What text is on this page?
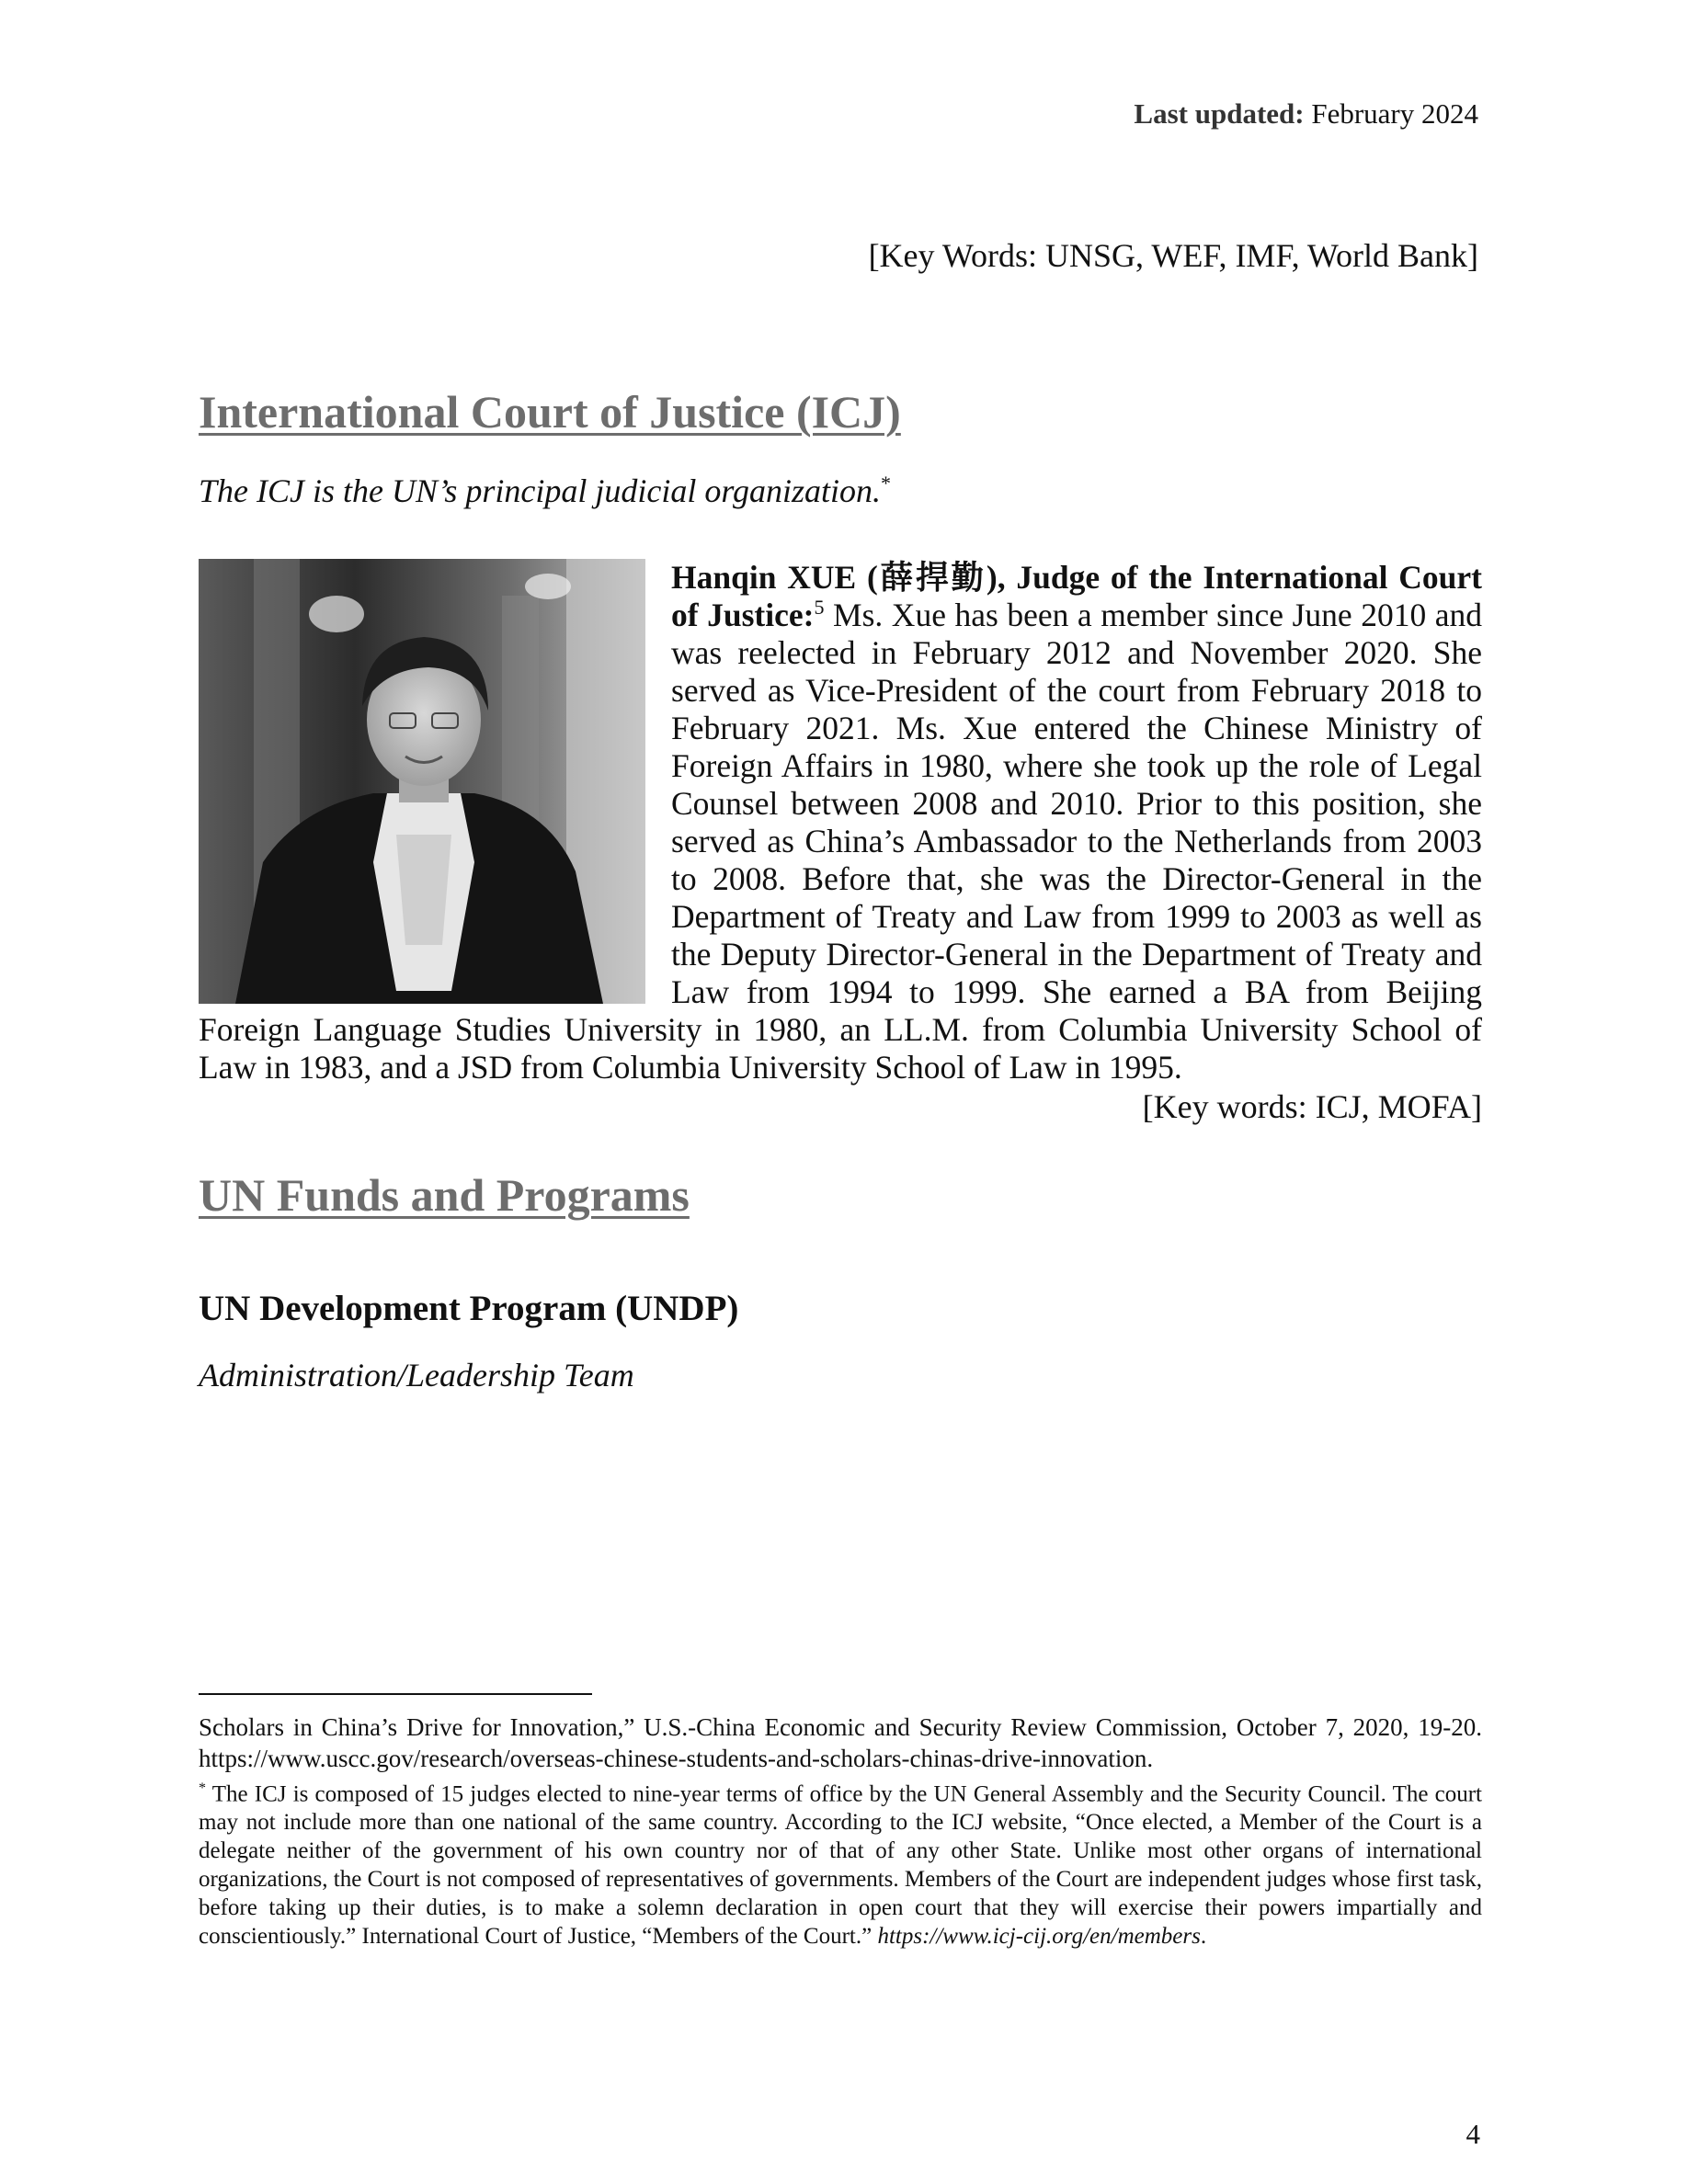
Last updated: February 2024
[Key Words: UNSG, WEF, IMF, World Bank]
International Court of Justice (ICJ)
The ICJ is the UN’s principal judicial organization.*
Hanqin XUE (薛捍勤), Judge of the International Court of Justice:$^5$ Ms. Xue has been a member since June 2010 and was reelected in February 2012 and November 2020. She served as Vice-President of the court from February 2018 to February 2021. Ms. Xue entered the Chinese Ministry of Foreign Affairs in 1980, where she took up the role of Legal Counsel between 2008 and 2010. Prior to this position, she served as China’s Ambassador to the Netherlands from 2003 to 2008. Before that, she was the Director-General in the Department of Treaty and Law from 1999 to 2003 as well as the Deputy Director-General in the Department of Treaty and Law from 1994 to 1999. She earned a BA from Beijing Foreign Language Studies University in 1980, an LL.M. from Columbia University School of Law in 1983, and a JSD from Columbia University School of Law in 1995.
[Key words: ICJ, MOFA]
UN Funds and Programs
UN Development Program (UNDP)
Administration/Leadership Team

Scholars in China’s Drive for Innovation,” U.S.-China Economic and Security Review Commission, October 7, 2020, 19-20. https://www.uscc.gov/research/overseas-chinese-students-and-scholars-chinas-drive-innovation.

* The ICJ is composed of 15 judges elected to nine-year terms of office by the UN General Assembly and the Security Council. The court may not include more than one national of the same country. According to the ICJ website, “Once elected, a Member of the Court is a delegate neither of the government of his own country nor of that of any other State. Unlike most other organs of international organizations, the Court is not composed of representatives of governments. Members of the Court are independent judges whose first task, before taking up their duties, is to make a solemn declaration in open court that they will exercise their powers impartially and conscientiously.” International Court of Justice, “Members of the Court.” https://www.icj-cij.org/en/members.

4
